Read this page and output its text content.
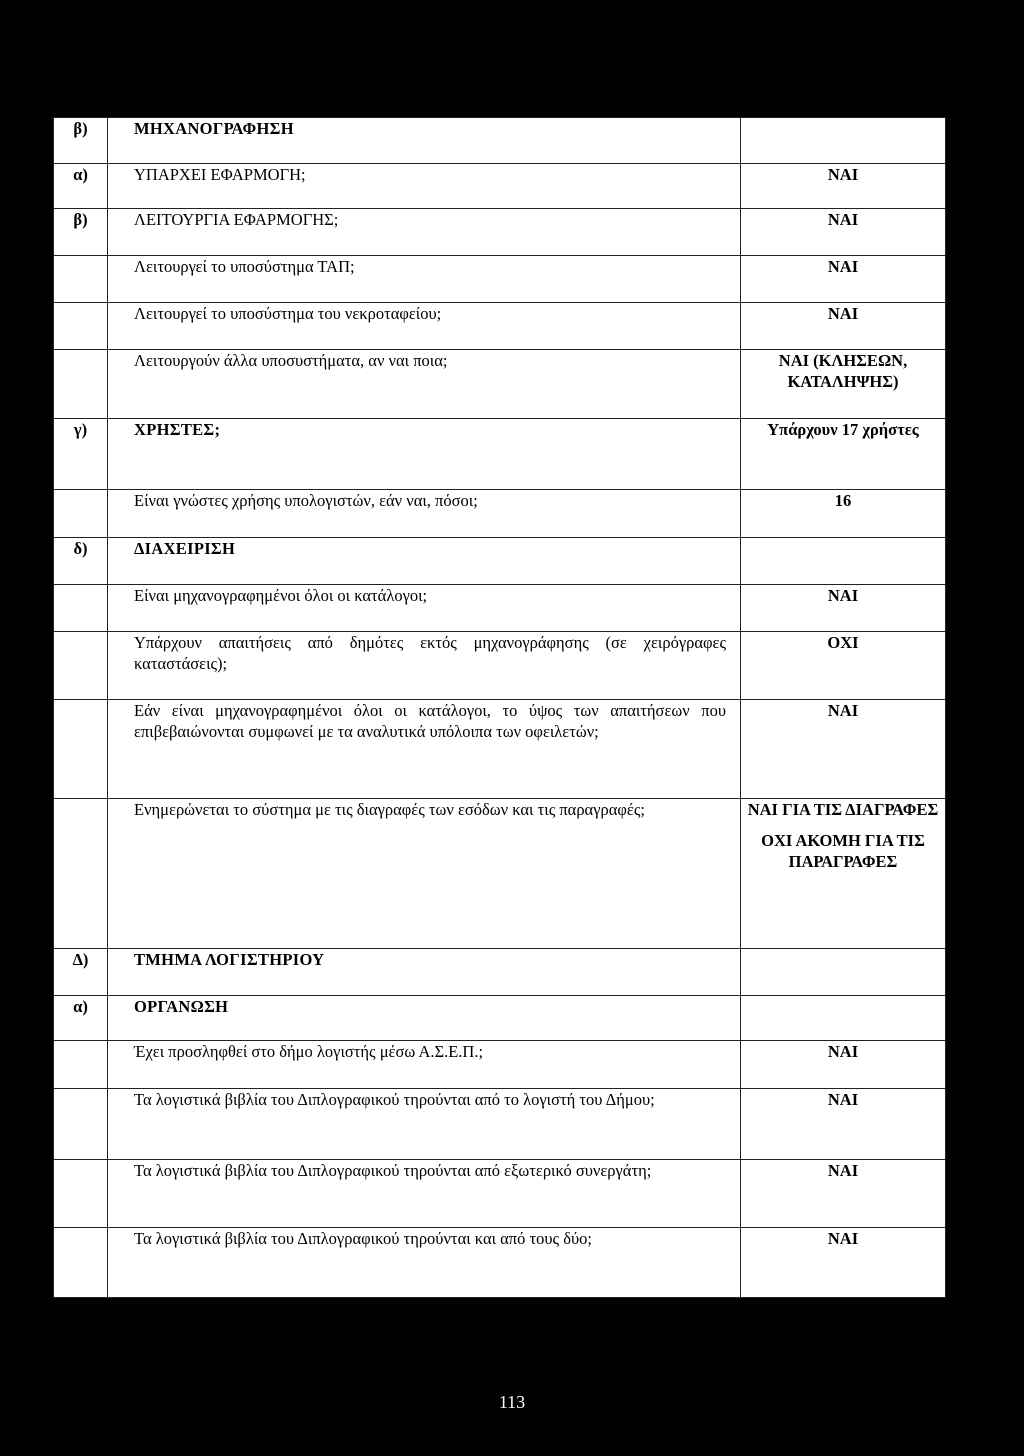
β)	ΜΗΧΑΝΟΓΡΑΦΗΣΗ	
α)	ΥΠΑΡΧΕΙ ΕΦΑΡΜΟΓΗ;	ΝΑΙ
β)	ΛΕΙΤΟΥΡΓΙΑ ΕΦΑΡΜΟΓΗΣ;	ΝΑΙ
	Λειτουργεί το υποσύστημα ΤΑΠ;	ΝΑΙ
	Λειτουργεί το υποσύστημα του νεκροταφείου;	ΝΑΙ
	Λειτουργούν άλλα υποσυστήματα, αν ναι ποια;	ΝΑΙ (ΚΛΗΣΕΩΝ, ΚΑΤΑΛΗΨΗΣ)
γ)	ΧΡΗΣΤΕΣ;	Υπάρχουν 17 χρήστες
	Είναι γνώστες χρήσης υπολογιστών, εάν ναι, πόσοι;	16
δ)	ΔΙΑΧΕΙΡΙΣΗ	
	Είναι μηχανογραφημένοι όλοι οι κατάλογοι;	ΝΑΙ
	Υπάρχουν απαιτήσεις από δημότες εκτός μηχανογράφησης (σε χειρόγραφες καταστάσεις);	ΟΧΙ
	Εάν είναι μηχανογραφημένοι όλοι οι κατάλογοι, το ύψος των απαιτήσεων που επιβεβαιώνονται συμφωνεί με τα αναλυτικά υπόλοιπα των οφειλετών;	ΝΑΙ
	Ενημερώνεται το σύστημα με τις διαγραφές των εσόδων και τις παραγραφές;	ΝΑΙ ΓΙΑ ΤΙΣ ΔΙΑΓΡΑΦΕΣ
ΟΧΙ ΑΚΟΜΗ ΓΙΑ ΤΙΣ ΠΑΡΑΓΡΑΦΕΣ

Δ)	ΤΜΗΜΑ ΛΟΓΙΣΤΗΡΙΟΥ	
α)	ΟΡΓΑΝΩΣΗ	
	Έχει προσληφθεί στο δήμο λογιστής μέσω Α.Σ.Ε.Π.;	ΝΑΙ
	Τα λογιστικά βιβλία του Διπλογραφικού τηρούνται από το λογιστή του Δήμου;	ΝΑΙ
	Τα λογιστικά βιβλία του Διπλογραφικού τηρούνται από εξωτερικό συνεργάτη;	ΝΑΙ
	Τα λογιστικά βιβλία του Διπλογραφικού τηρούνται και από τους δύο;	ΝΑΙ
113
